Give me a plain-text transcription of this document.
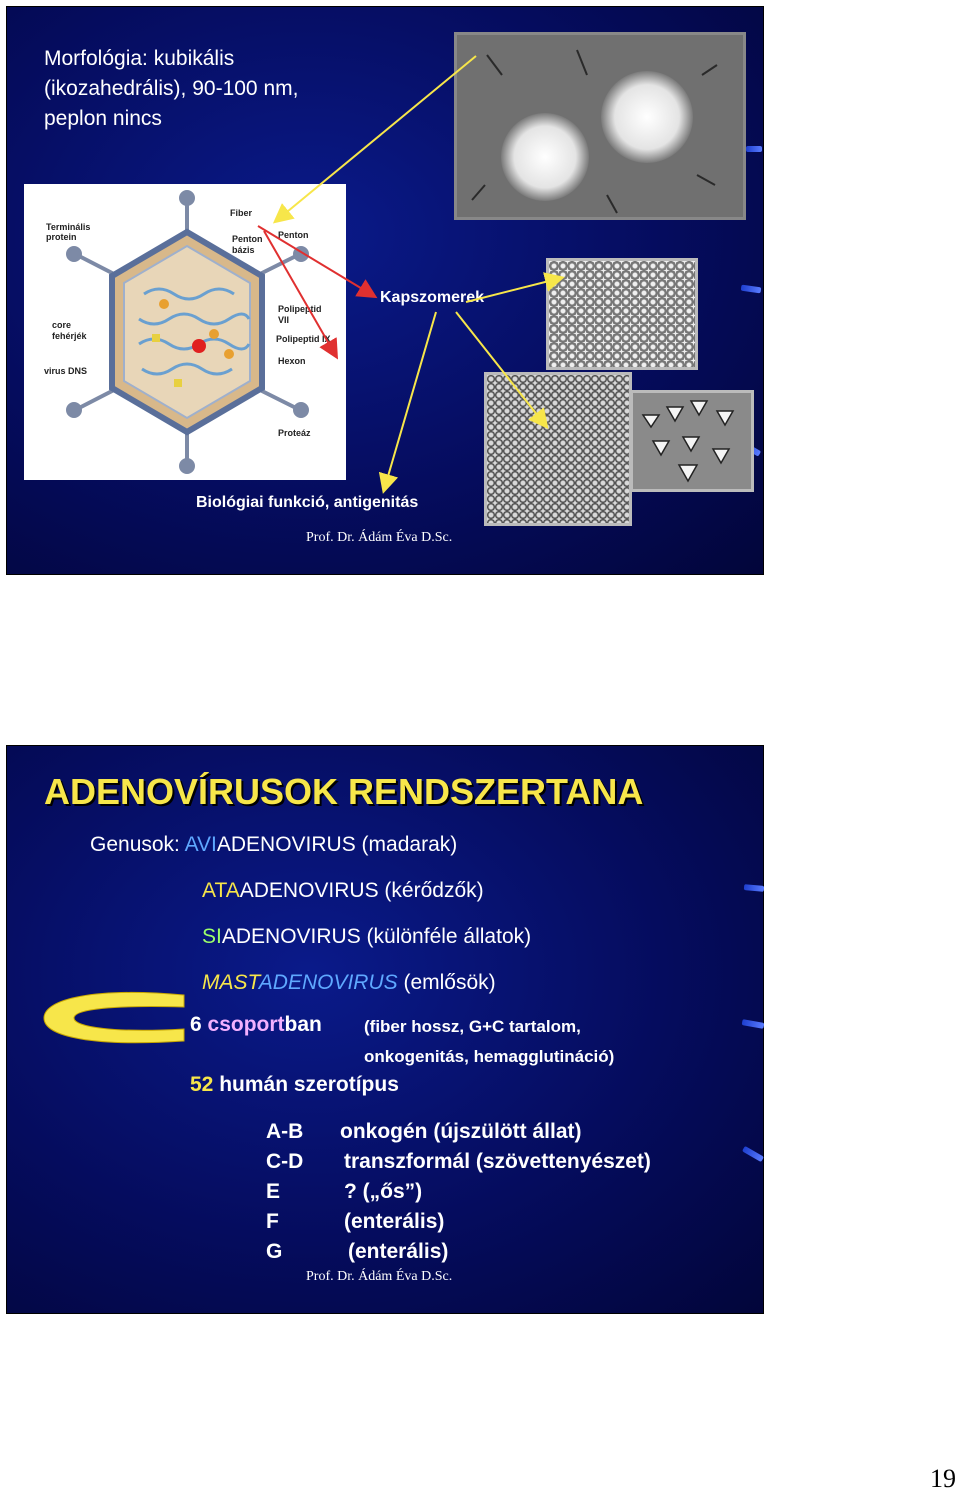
Morfológia: kubikális
(ikozahedrális), 90-100 nm,
peplon nincs
Terminális protein
Fiber
Penton bázis
Penton
core fehérjék
Polipeptid VII
Polipeptid IX
virus DNS
Hexon
Proteáz
Kapszomerek
Biológiai funkció, antigenitás
Prof. Dr. Ádám Éva D.Sc.
ADENOVÍRUSOK RENDSZERTANA
Genusok: AVIADENOVIRUS (madarak)
ATAADENOVIRUS (kérődzők)
SIADENOVIRUS (különféle állatok)
MASTADENOVIRUS (emlősök)
6 csoportban (fiber hossz, G+C tartalom,
onkogenitás, hemagglutináció)
52 humán szerotípus
A-B onkogén (újszülött állat)
C-D transzformál (szövettenyészet)
E	? („ős”)
F	(enterális)
G	(enterális)
Prof. Dr. Ádám Éva D.Sc.
19
